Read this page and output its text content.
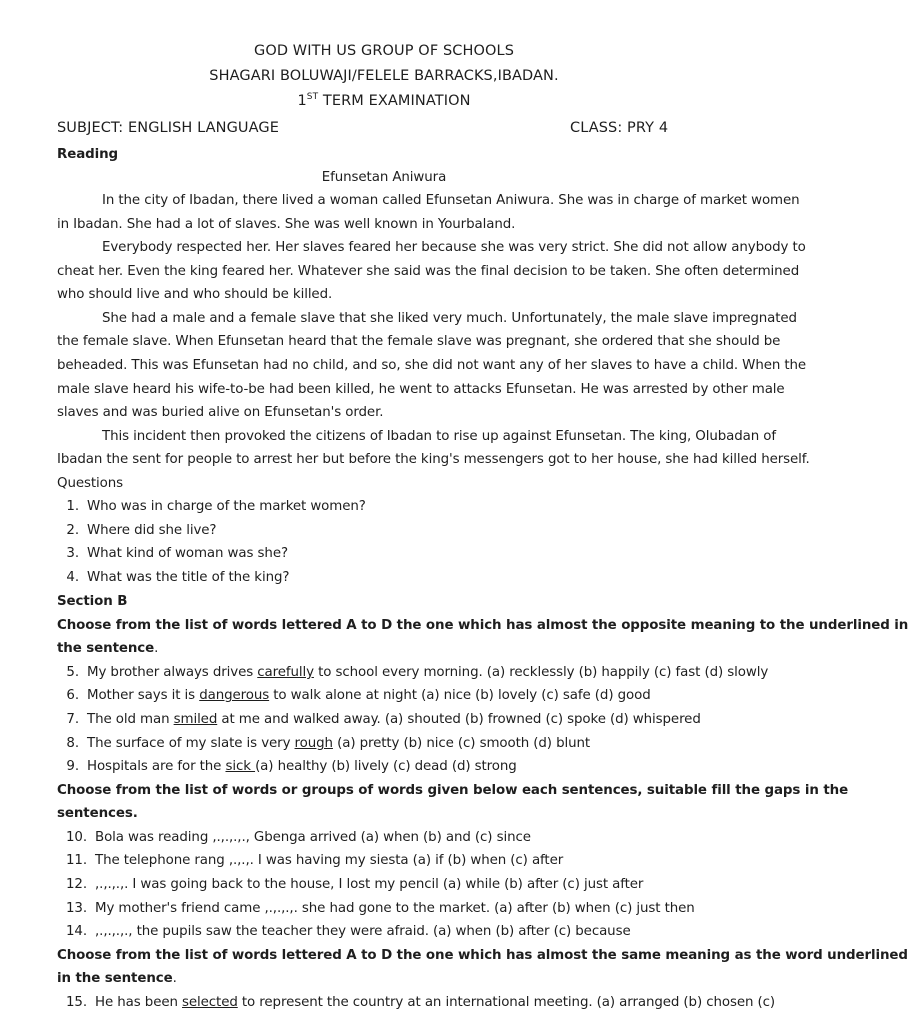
GOD WITH US GROUP OF SCHOOLS
SHAGARI BOLUWAJI/FELELE BARRACKS,IBADAN.
1ST TERM EXAMINATION
SUBJECT: ENGLISH LANGUAGE	CLASS: PRY 4
Reading
Efunsetan Aniwura
In the city of Ibadan, there lived a woman called Efunsetan Aniwura. She was in charge of market women
in Ibadan. She had a lot of slaves. She was well known in Yourbaland.
Everybody respected her. Her slaves feared her because she was very strict. She did not allow anybody to
cheat her. Even the king feared her. Whatever she said was the final decision to be taken. She often determined
who should live and who should be killed.
She had a male and a female slave that she liked very much. Unfortunately, the male slave impregnated
the female slave. When Efunsetan heard that the female slave was pregnant, she ordered that she should be
beheaded. This was Efunsetan had no child, and so, she did not want any of her slaves to have a child. When the
male slave heard his wife-to-be had been killed, he went to attacks Efunsetan. He was arrested by other male
slaves and was buried alive on Efunsetan's order.
This incident then provoked the citizens of Ibadan to rise up against Efunsetan. The king, Olubadan of
Ibadan the sent for people to arrest her but before the king's messengers got to her house, she had killed herself.
Questions
1. Who was in charge of the market women?
2. Where did she live?
3. What kind of woman was she?
4. What was the title of the king?
Section B
Choose from the list of words lettered A to D the one which has almost the opposite meaning to the underlined in
the sentence.
5. My brother always drives carefully to school every morning. (a) recklessly (b) happily (c) fast (d) slowly
6. Mother says it is dangerous to walk alone at night (a) nice (b) lovely (c) safe (d) good
7. The old man smiled at me and walked away. (a) shouted (b) frowned (c) spoke (d) whispered
8. The surface of my slate is very rough (a) pretty (b) nice (c) smooth (d) blunt
9. Hospitals are for the sick (a) healthy (b) lively (c) dead (d) strong
Choose from the list of words or groups of words given below each sentences, suitable fill the gaps in the
sentences.
10. Bola was reading ,.,.,.,., Gbenga arrived (a) when (b) and (c) since
11. The telephone rang ,.,.,. I was having my siesta (a) if (b) when (c) after
12. ,.,.,.,. I was going back to the house, I lost my pencil (a) while (b) after (c) just after
13. My mother's friend came ,.,.,.,. she had gone to the market. (a) after (b) when (c) just then
14. ,.,.,.,., the pupils saw the teacher they were afraid. (a) when (b) after (c) because
Choose from the list of words lettered A to D the one which has almost the same meaning as the word underlined
in the sentence.
15. He has been selected to represent the country at an international meeting. (a) arranged (b) chosen (c)
